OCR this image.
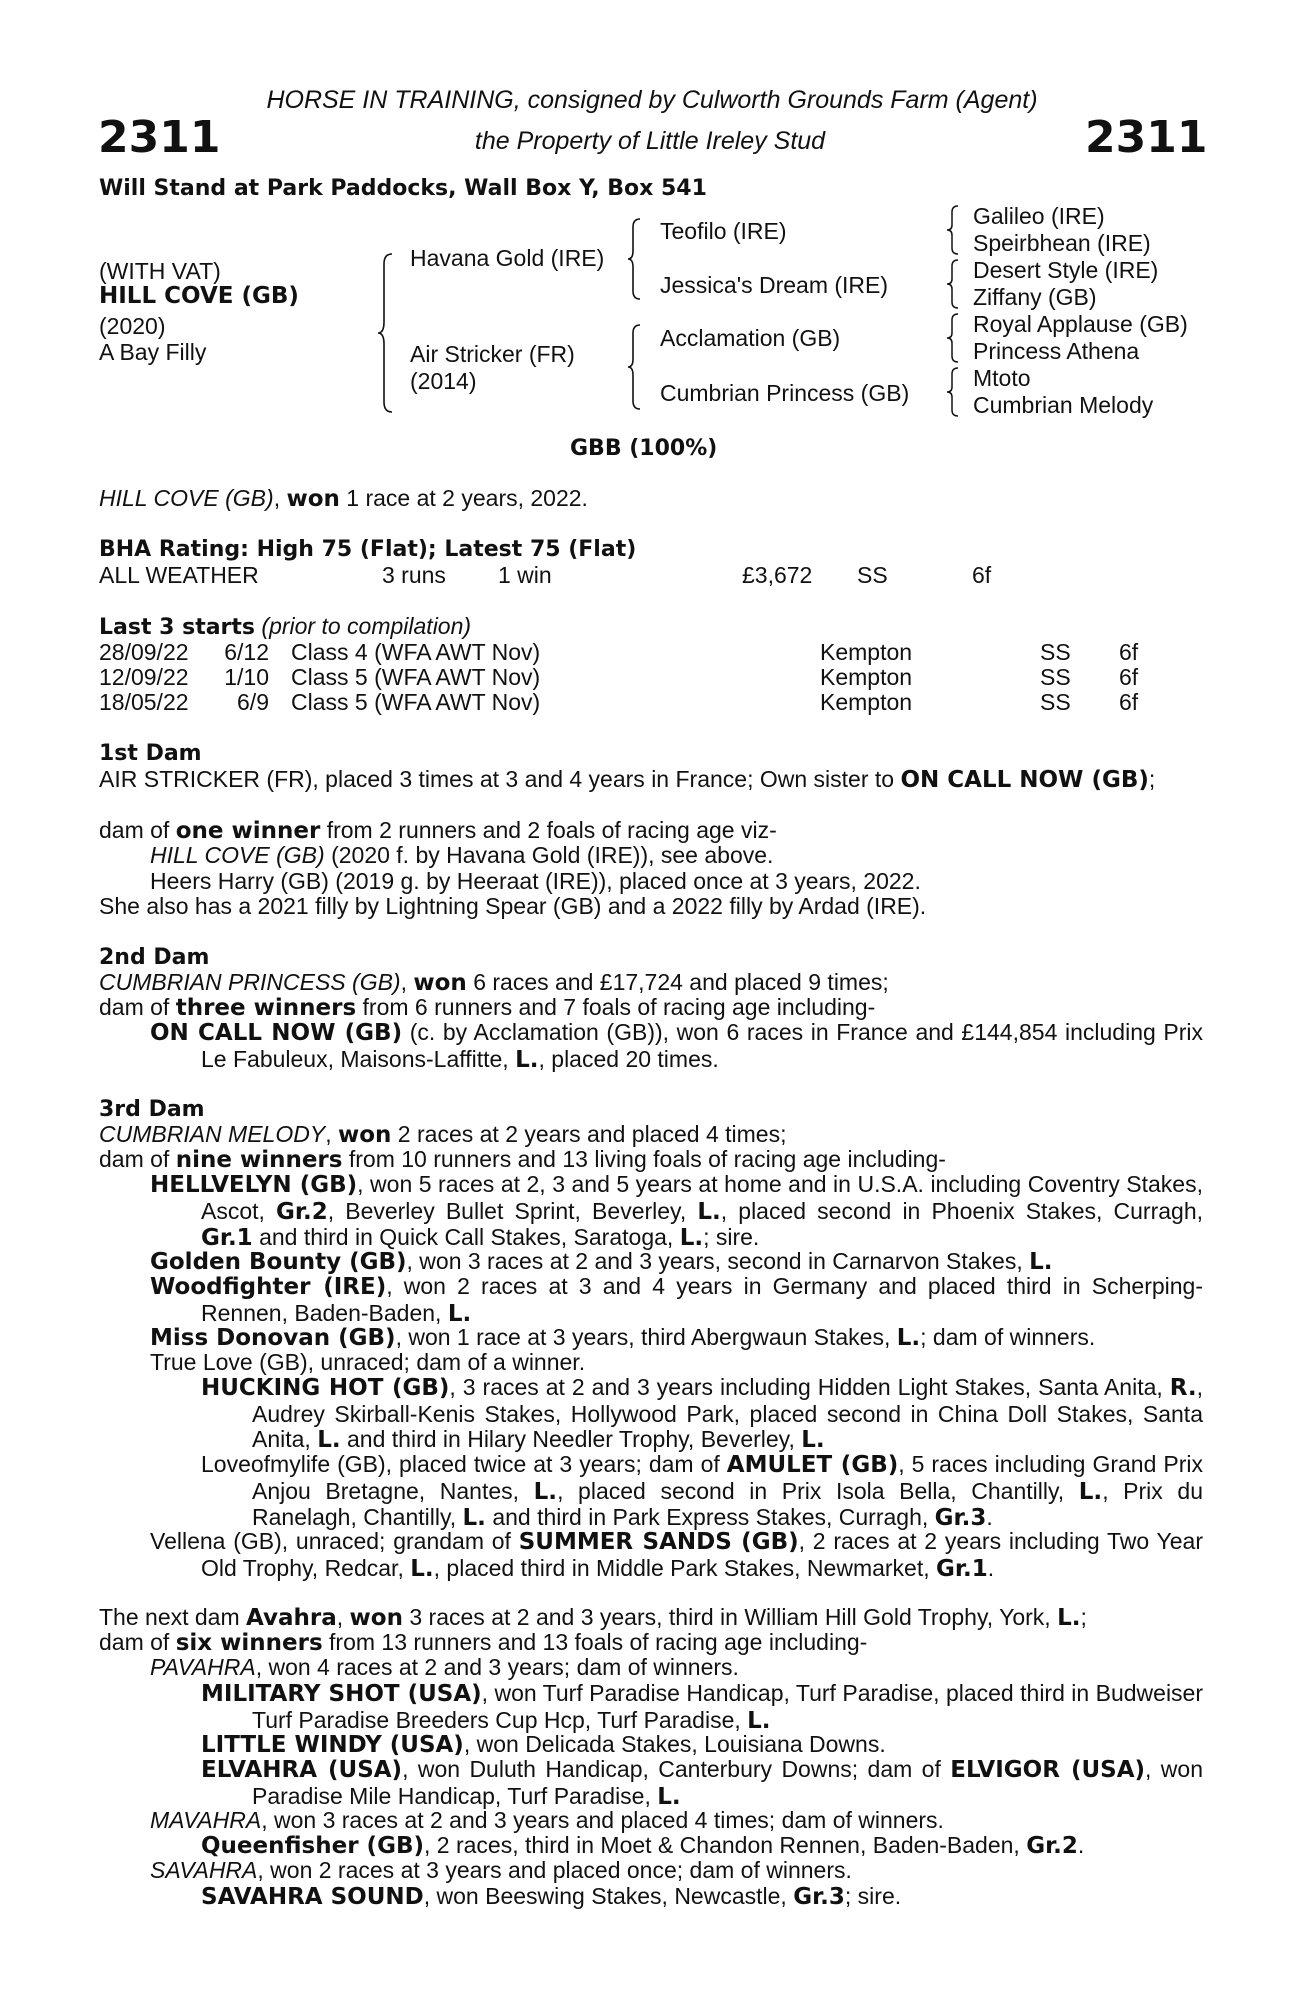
HORSE IN TRAINING, consigned by Culworth Grounds Farm (Agent)
2311	the Property of Little Ireley Stud	2311
Will Stand at Park Paddocks, Wall Box Y, Box 541
(WITH VAT)
HILL COVE (GB)
(2020)
A Bay Filly
Havana Gold (IRE)
Air Stricker (FR)
(2014)
Teofilo (IRE)
Jessica's Dream (IRE)
Acclamation (GB)
Cumbrian Princess (GB)
Galileo (IRE)
Speirbhean (IRE)
Desert Style (IRE)
Ziffany (GB)
Royal Applause (GB)
Princess Athena
Mtoto
Cumbrian Melody
GBB (100%)
HILL COVE (GB), won 1 race at 2 years, 2022.
BHA Rating: High 75 (Flat); Latest 75 (Flat)
ALL WEATHER	3 runs 1 win	£3,672 SS	6f
Last 3 starts (prior to compilation)
28/09/22	6/12 Class 4 (WFA AWT Nov)	Kempton	SS 6f
12/09/22	1/10 Class 5 (WFA AWT Nov)	Kempton	SS 6f
18/05/22	6/9 Class 5 (WFA AWT Nov)	Kempton	SS 6f
1st Dam
AIR STRICKER (FR), placed 3 times at 3 and 4 years in France; Own sister to ON CALL NOW (GB);
dam of one winner from 2 runners and 2 foals of racing age viz-
HILL COVE (GB) (2020 f. by Havana Gold (IRE)), see above.
Heers Harry (GB) (2019 g. by Heeraat (IRE)), placed once at 3 years, 2022.
She also has a 2021 filly by Lightning Spear (GB) and a 2022 filly by Ardad (IRE).
2nd Dam
CUMBRIAN PRINCESS (GB), won 6 races and £17,724 and placed 9 times;
dam of three winners from 6 runners and 7 foals of racing age including-
ON CALL NOW (GB) (c. by Acclamation (GB)), won 6 races in France and £144,854 including Prix Le Fabuleux, Maisons-Laffitte, L., placed 20 times.
3rd Dam
CUMBRIAN MELODY, won 2 races at 2 years and placed 4 times;
dam of nine winners from 10 runners and 13 living foals of racing age including-
HELLVELYN (GB), won 5 races at 2, 3 and 5 years at home and in U.S.A. including Coventry Stakes, Ascot, Gr.2, Beverley Bullet Sprint, Beverley, L., placed second in Phoenix Stakes, Curragh, Gr.1 and third in Quick Call Stakes, Saratoga, L.; sire.
Golden Bounty (GB), won 3 races at 2 and 3 years, second in Carnarvon Stakes, L.
Woodfighter (IRE), won 2 races at 3 and 4 years in Germany and placed third in Scherping-Rennen, Baden-Baden, L.
Miss Donovan (GB), won 1 race at 3 years, third Abergwaun Stakes, L.; dam of winners.
True Love (GB), unraced; dam of a winner.
HUCKING HOT (GB), 3 races at 2 and 3 years including Hidden Light Stakes, Santa Anita, R., Audrey Skirball-Kenis Stakes, Hollywood Park, placed second in China Doll Stakes, Santa Anita, L. and third in Hilary Needler Trophy, Beverley, L.
Loveofmylife (GB), placed twice at 3 years; dam of AMULET (GB), 5 races including Grand Prix Anjou Bretagne, Nantes, L., placed second in Prix Isola Bella, Chantilly, L., Prix du Ranelagh, Chantilly, L. and third in Park Express Stakes, Curragh, Gr.3.
Vellena (GB), unraced; grandam of SUMMER SANDS (GB), 2 races at 2 years including Two Year Old Trophy, Redcar, L., placed third in Middle Park Stakes, Newmarket, Gr.1.
The next dam Avahra, won 3 races at 2 and 3 years, third in William Hill Gold Trophy, York, L.;
dam of six winners from 13 runners and 13 foals of racing age including-
PAVAHRA, won 4 races at 2 and 3 years; dam of winners.
MILITARY SHOT (USA), won Turf Paradise Handicap, Turf Paradise, placed third in Budweiser Turf Paradise Breeders Cup Hcp, Turf Paradise, L.
LITTLE WINDY (USA), won Delicada Stakes, Louisiana Downs.
ELVAHRA (USA), won Duluth Handicap, Canterbury Downs; dam of ELVIGOR (USA), won Paradise Mile Handicap, Turf Paradise, L.
MAVAHRA, won 3 races at 2 and 3 years and placed 4 times; dam of winners.
Queenfisher (GB), 2 races, third in Moet & Chandon Rennen, Baden-Baden, Gr.2.
SAVAHRA, won 2 races at 3 years and placed once; dam of winners.
SAVAHRA SOUND, won Beeswing Stakes, Newcastle, Gr.3; sire.
